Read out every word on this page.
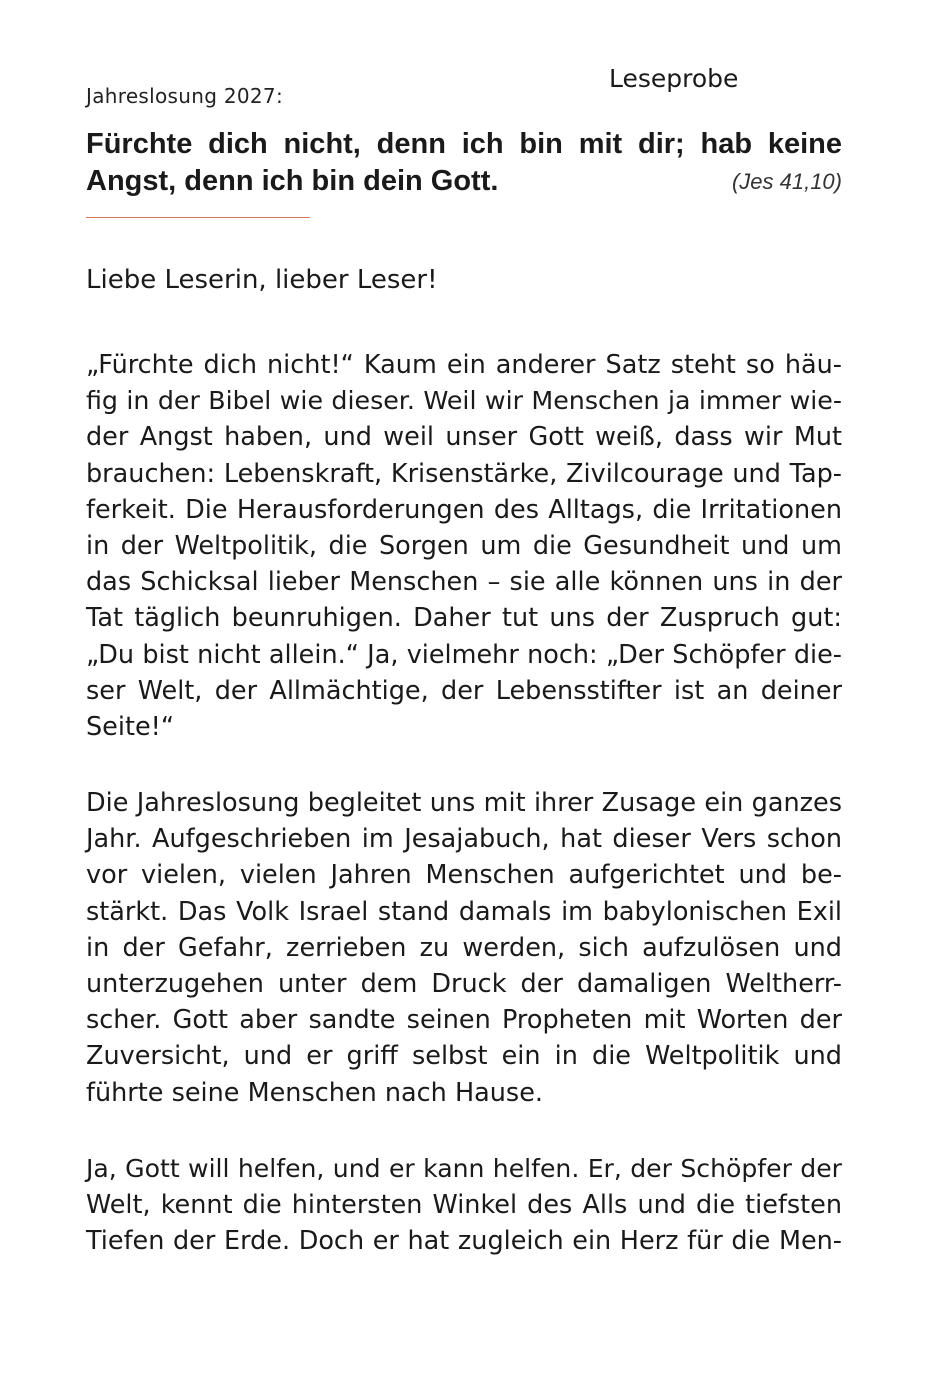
Leseprobe
Jahreslosung 2027:
Fürchte dich nicht, denn ich bin mit dir; hab keine
Angst, denn ich bin dein Gott.	(Jes 41,10)
Liebe Leserin, lieber Leser!
„Fürchte dich nicht!“ Kaum ein anderer Satz steht so häu-
fig in der Bibel wie dieser. Weil wir Menschen ja immer wie-
der Angst haben, und weil unser Gott weiß, dass wir Mut
brauchen: Lebenskraft, Krisenstärke, Zivilcourage und Tap-
ferkeit. Die Herausforderungen des Alltags, die Irritationen
in der Weltpolitik, die Sorgen um die Gesundheit und um
das Schicksal lieber Menschen – sie alle können uns in der
Tat täglich beunruhigen. Daher tut uns der Zuspruch gut:
„Du bist nicht allein.“ Ja, vielmehr noch: „Der Schöpfer die-
ser Welt, der Allmächtige, der Lebensstifter ist an deiner
Seite!“
Die Jahreslosung begleitet uns mit ihrer Zusage ein ganzes
Jahr. Aufgeschrieben im Jesajabuch, hat dieser Vers schon
vor vielen, vielen Jahren Menschen aufgerichtet und be-
stärkt. Das Volk Israel stand damals im babylonischen Exil
in der Gefahr, zerrieben zu werden, sich aufzulösen und
unterzugehen unter dem Druck der damaligen Weltherr-
scher. Gott aber sandte seinen Propheten mit Worten der
Zuversicht, und er griff selbst ein in die Weltpolitik und
führte seine Menschen nach Hause.
Ja, Gott will helfen, und er kann helfen. Er, der Schöpfer der
Welt, kennt die hintersten Winkel des Alls und die tiefsten
Tiefen der Erde. Doch er hat zugleich ein Herz für die Men-
